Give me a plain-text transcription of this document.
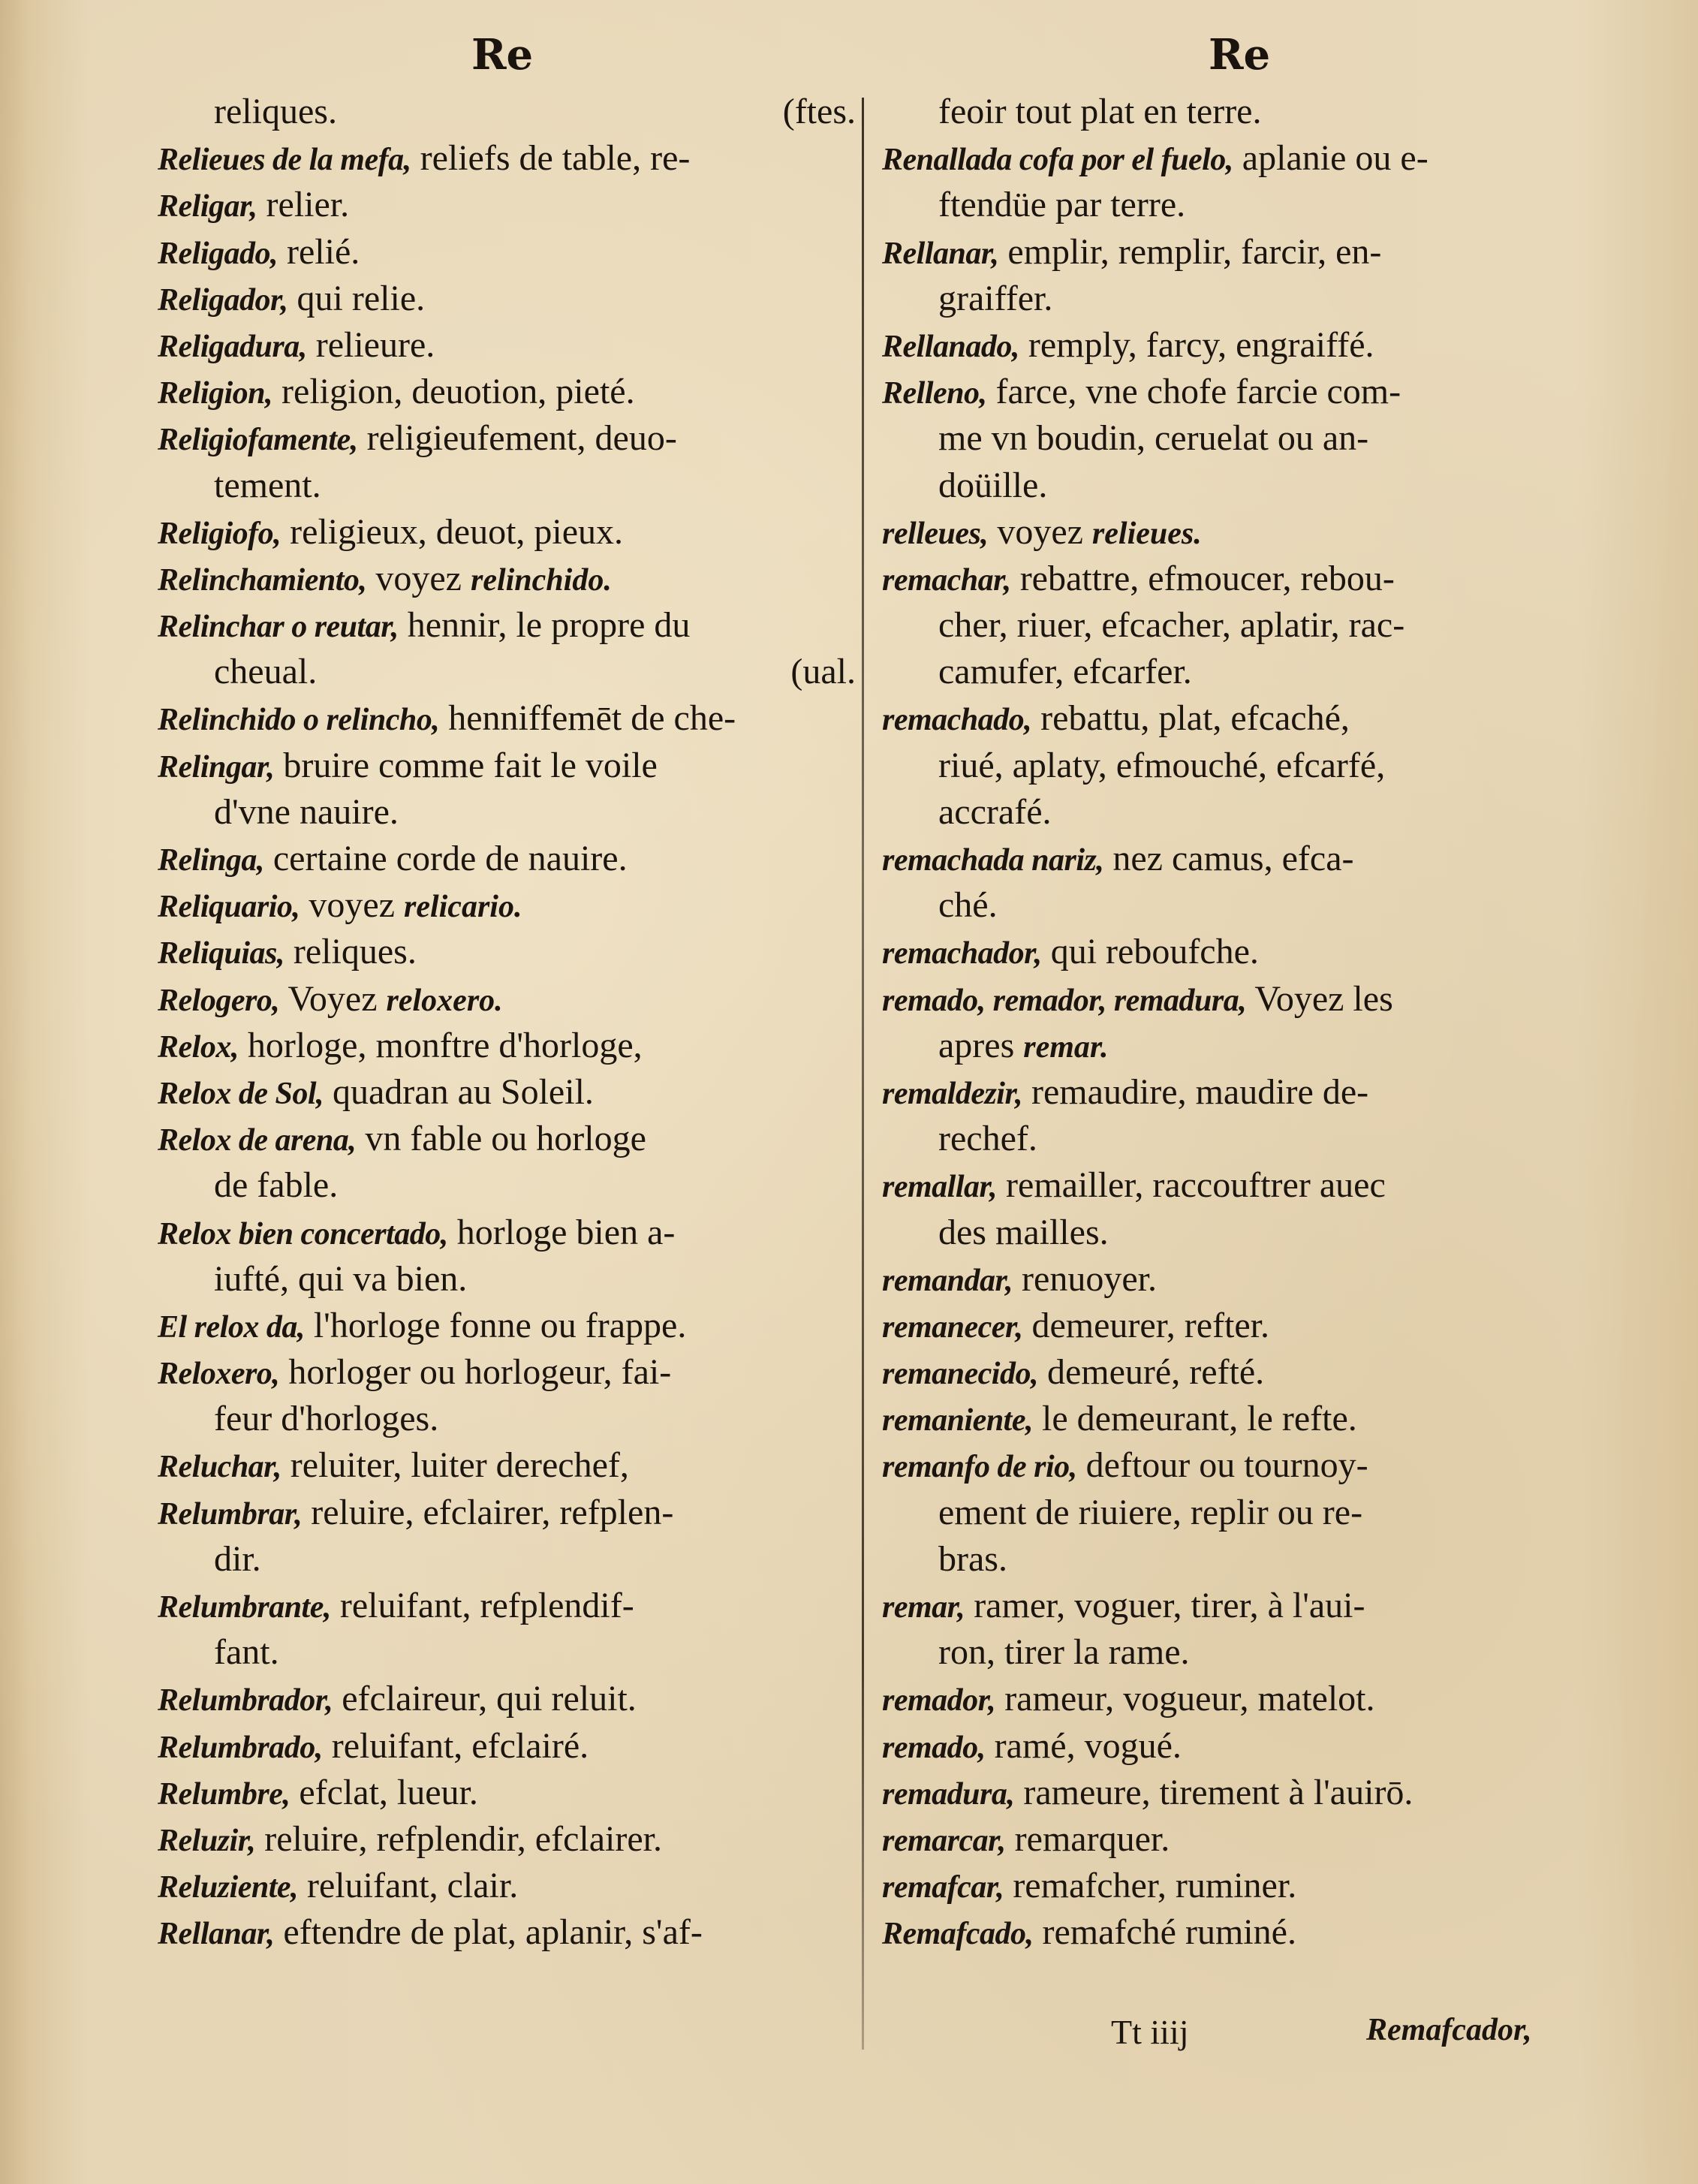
Re	Re
reliques.	(ftes.
Relieues de la mefa, reliefs de table, re-
Religar, relier.
Religado, relié.
Religador, qui relie.
Religadura, relieure.
Religion, religion, deuotion, pieté.
Religiofamente, religieufement, deuo-
tement.
Religiofo, religieux, deuot, pieux.
Relinchamiento, voyez relinchido.
Relinchar o reutar, hennir, le propre du
cheual.	(ual.
Relinchido o relincho, henniffemēt de che-
Relingar, bruire comme fait le voile
d'vne nauire.
Relinga, certaine corde de nauire.
Reliquario, voyez relicario.
Reliquias, reliques.
Relogero, Voyez reloxero.
Relox, horloge, monftre d'horloge,
Relox de Sol, quadran au Soleil.
Relox de arena, vn fable ou horloge
de fable.
Relox bien concertado, horloge bien a-
iufté, qui va bien.
El relox da, l'horloge fonne ou frappe.
Reloxero, horloger ou horlogeur, fai-
feur d'horloges.
Reluchar, reluiter, luiter derechef,
Relumbrar, reluire, efclairer, refplen-
dir.
Relumbrante, reluifant, refplendif-
fant.
Relumbrador, efclaireur, qui reluit.
Relumbrado, reluifant, efclairé.
Relumbre, efclat, lueur.
Reluzir, reluire, refplendir, efclairer.
Reluziente, reluifant, clair.
Rellanar, eftendre de plat, aplanir, s'af-
feoir tout plat en terre.
Renallada cofa por el fuelo, aplanie ou e-
ftendüe par terre.
Rellanar, emplir, remplir, farcir, en-
graiffer.
Rellanado, remply, farcy, engraiffé.
Relleno, farce, vne chofe farcie com-
me vn boudin, ceruelat ou an-
doüille.
relleues, voyez relieues.
remachar, rebattre, efmoucer, rebou-
cher, riuer, efcacher, aplatir, rac-
camufer, efcarfer.
remachado, rebattu, plat, efcaché,
riué, aplaty, efmouché, efcarfé,
accrafé.
remachada nariz, nez camus, efca-
ché.
remachador, qui reboufche.
remado, remador, remadura, Voyez les
apres remar.
remaldezir, remaudire, maudire de-
rechef.
remallar, remailler, raccouftrer auec
des mailles.
remandar, renuoyer.
remanecer, demeurer, refter.
remanecido, demeuré, refté.
remaniente, le demeurant, le refte.
remanfo de rio, deftour ou tournoy-
ement de riuiere, replir ou re-
bras.
remar, ramer, voguer, tirer, à l'aui-
ron, tirer la rame.
remador, rameur, vogueur, matelot.
remado, ramé, vogué.
remadura, rameure, tirement à l'auirō.
remarcar, remarquer.
remafcar, remafcher, ruminer.
Remafcado, remafché ruminé.
Tt iiij	Remafcador,
